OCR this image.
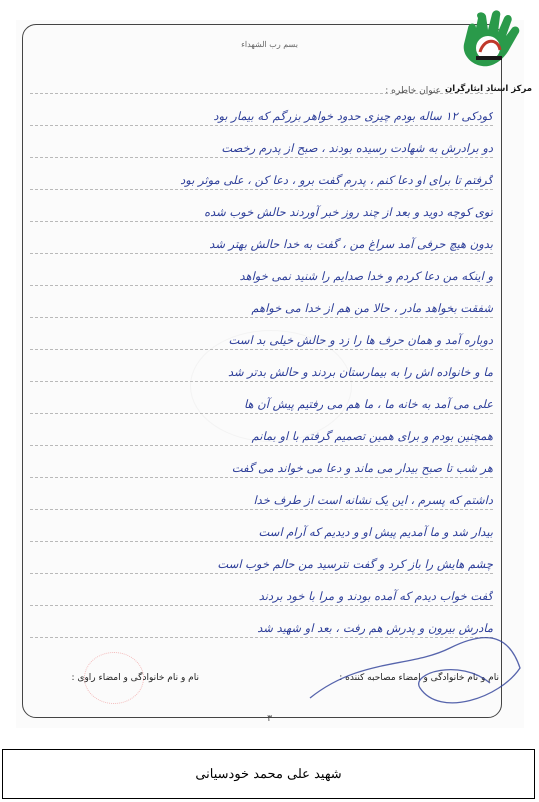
بسم رب الشهداء
کودکی ۱۲ ساله بودم چیزی حدود خواهر بزرگم که بیمار بود
دو برادرش به شهادت رسیده بودند ، صبح از پدرم رخصت
گرفتم تا برای او دعا کنم ، پدرم گفت برو ، دعا کن ، علی موثر بود
توی کوچه دوید و بعد از چند روز خبر آوردند حالش خوب شده
بدون هیچ حرفی آمد سراغ من ، گفت به خدا حالش بهتر شد
و اینکه من دعا کردم و خدا صدایم را شنید نمی خواهد
شفقت بخواهد مادر ، حالا من هم از خدا می خواهم
دوباره آمد و همان حرف ها را زد و حالش خیلی بد است
ما و خانواده اش را به بیمارستان بردند و حالش بدتر شد
علی می آمد به خانه ما ، ما هم می رفتیم پیش آن ها
همچنین بودم و برای همین تصمیم گرفتم با او بمانم
هر شب تا صبح بیدار می ماند و دعا می خواند می گفت
داشتم که پسرم ، این یک نشانه است از طرف خدا
بیدار شد و ما آمدیم پیش او و دیدیم که آرام است
چشم هایش را باز کرد و گفت نترسید من حالم خوب است
گفت خواب دیدم که آمده بودند و مرا با خود بردند
مادرش بیرون و پدرش هم رفت ، بعد او شهید شد
عنوان خاطره :
نام و نام خانوادگی و امضاء مصاحبه کننده :
نام و نام خانوادگی و امضاء راوی :
۳
مرکز اسناد ایثارگران
شهید علی محمد خودسیانی
